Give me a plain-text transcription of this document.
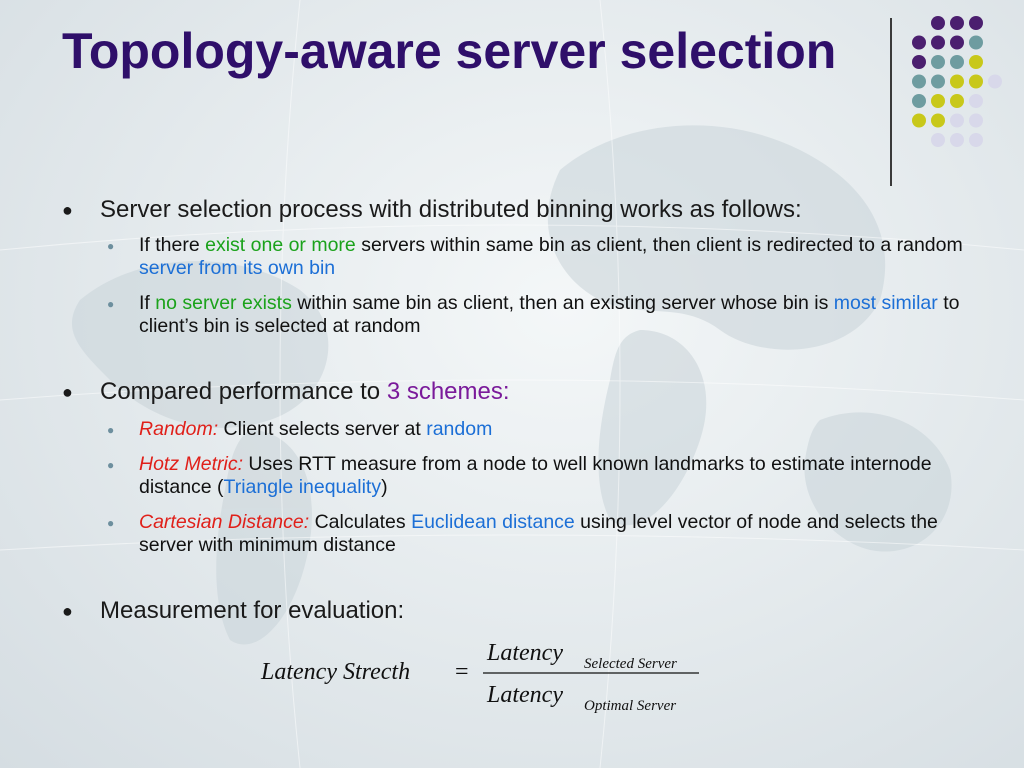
Topology-aware server selection
● Server selection process with distributed binning works as follows:
● If there exist one or more servers within same bin as client, then client is redirected to a random server from its own bin
● If no server exists within same bin as client, then an existing server whose bin is most similar to client’s bin is selected at random
● Compared performance to 3 schemes:
● Random: Client selects server at random
● Hotz Metric: Uses RTT measure from a node to well known landmarks to estimate internode distance (Triangle inequality)
● Cartesian Distance: Calculates Euclidean distance using level vector of node and selects the server with minimum distance
● Measurement for evaluation:
Latency Strecth =
Latency Selected Server
Latency Optimal Server
